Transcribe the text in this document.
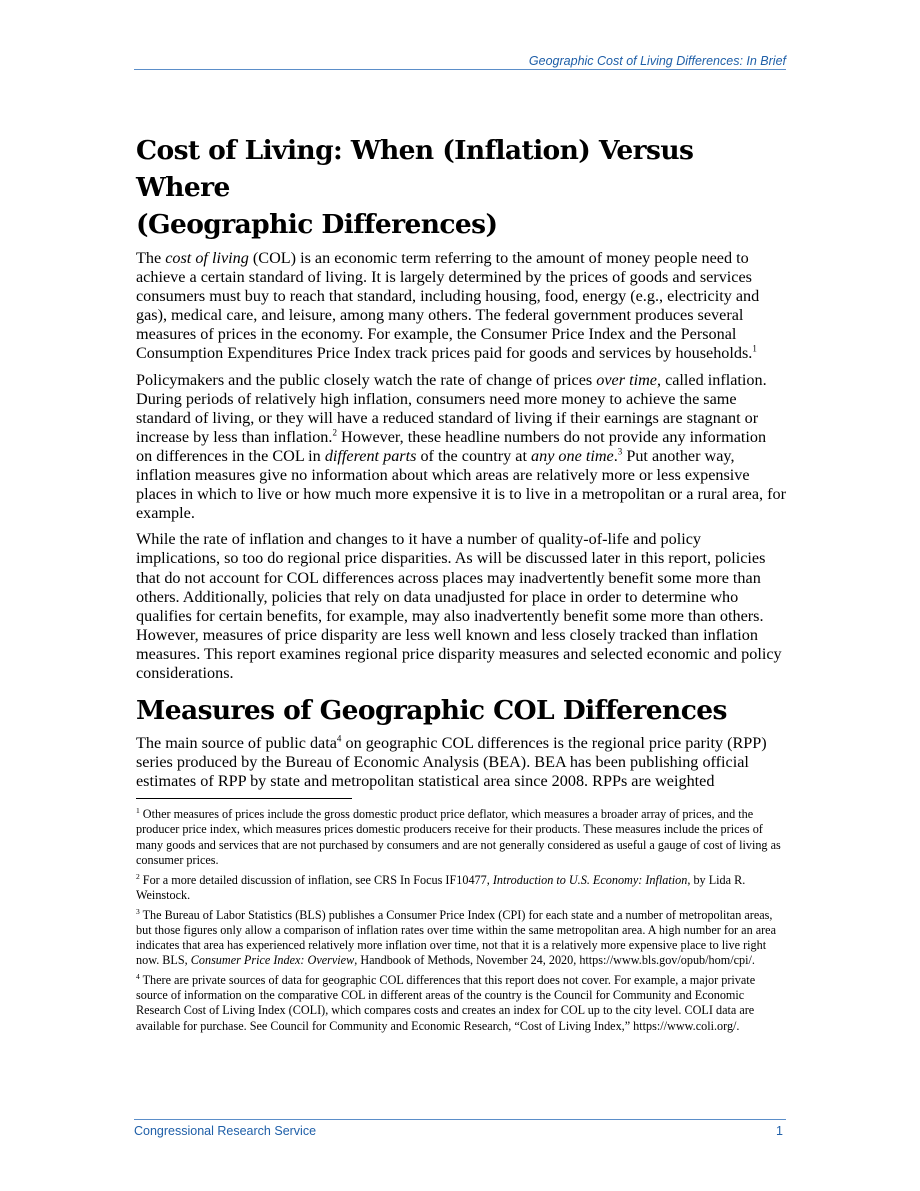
Geographic Cost of Living Differences: In Brief
Cost of Living: When (Inflation) Versus Where
(Geographic Differences)

The cost of living (COL) is an economic term referring to the amount of money people need to achieve a certain standard of living. It is largely determined by the prices of goods and services consumers must buy to reach that standard, including housing, food, energy (e.g., electricity and gas), medical care, and leisure, among many others. The federal government produces several measures of prices in the economy. For example, the Consumer Price Index and the Personal Consumption Expenditures Price Index track prices paid for goods and services by households.$^1$

Policymakers and the public closely watch the rate of change of prices over time, called inflation. During periods of relatively high inflation, consumers need more money to achieve the same standard of living, or they will have a reduced standard of living if their earnings are stagnant or increase by less than inflation.$^2$ However, these headline numbers do not provide any information on differences in the COL in different parts of the country at any one time.$^3$ Put another way, inflation measures give no information about which areas are relatively more or less expensive places in which to live or how much more expensive it is to live in a metropolitan or a rural area, for example.

While the rate of inflation and changes to it have a number of quality-of-life and policy implications, so too do regional price disparities. As will be discussed later in this report, policies that do not account for COL differences across places may inadvertently benefit some more than others. Additionally, policies that rely on data unadjusted for place in order to determine who qualifies for certain benefits, for example, may also inadvertently benefit some more than others. However, measures of price disparity are less well known and less closely tracked than inflation measures. This report examines regional price disparity measures and selected economic and policy considerations.

Measures of Geographic COL Differences

The main source of public data$^4$ on geographic COL differences is the regional price parity (RPP) series produced by the Bureau of Economic Analysis (BEA). BEA has been publishing official estimates of RPP by state and metropolitan statistical area since 2008. RPPs are weighted

$^1$ Other measures of prices include the gross domestic product price deflator, which measures a broader array of prices, and the producer price index, which measures prices domestic producers receive for their products. These measures include the prices of many goods and services that are not purchased by consumers and are not generally considered as useful a gauge of cost of living as consumer prices.

$^2$ For a more detailed discussion of inflation, see CRS In Focus IF10477, Introduction to U.S. Economy: Inflation, by Lida R. Weinstock.

$^3$ The Bureau of Labor Statistics (BLS) publishes a Consumer Price Index (CPI) for each state and a number of metropolitan areas, but those figures only allow a comparison of inflation rates over time within the same metropolitan area. A high number for an area indicates that area has experienced relatively more inflation over time, not that it is a relatively more expensive place to live right now. BLS, Consumer Price Index: Overview, Handbook of Methods, November 24, 2020, https://www.bls.gov/opub/hom/cpi/.

$^4$ There are private sources of data for geographic COL differences that this report does not cover. For example, a major private source of information on the comparative COL in different areas of the country is the Council for Community and Economic Research Cost of Living Index (COLI), which compares costs and creates an index for COL up to the city level. COLI data are available for purchase. See Council for Community and Economic Research, “Cost of Living Index,” https://www.coli.org/.

Congressional Research Service	1
